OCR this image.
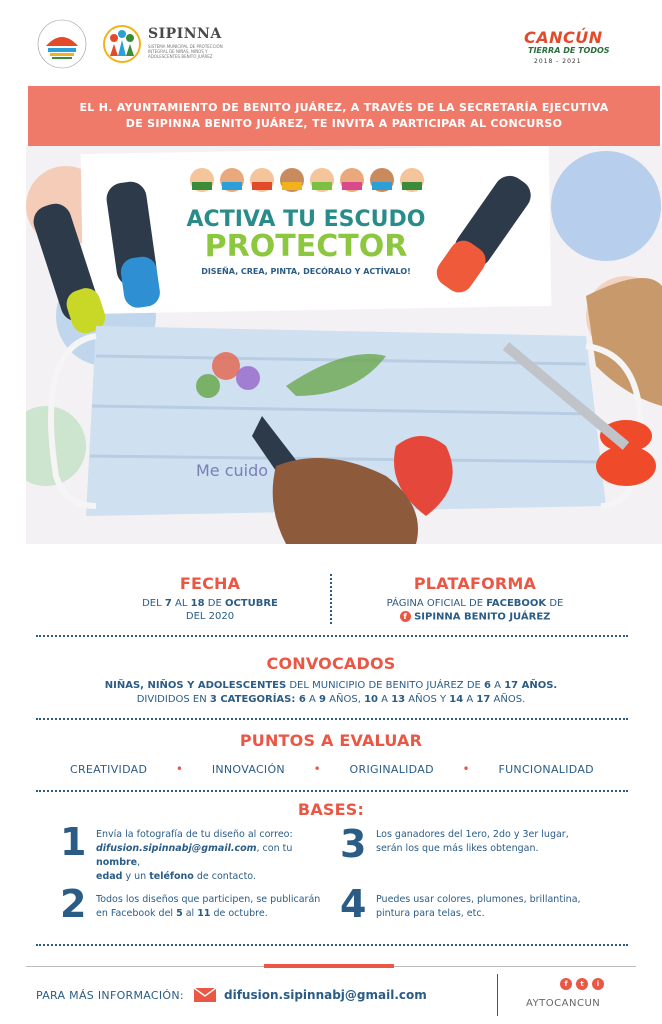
SIPINNA
SISTEMA MUNICIPAL DE PROTECCIÓN INTEGRAL DE NIÑAS, NIÑOS Y ADOLESCENTES BENITO JUÁREZ
CANCÚN
TIERRA DE TODOS
2018 - 2021
EL H. AYUNTAMIENTO DE BENITO JUÁREZ, A TRAVÉS DE LA SECRETARÍA EJECUTIVA
DE SIPINNA BENITO JUÁREZ, TE INVITA A PARTICIPAR AL CONCURSO
ACTIVA TU ESCUDO
PROTECTOR
DISEÑA, CREA, PINTA, DECÓRALO Y ACTÍVALO!
Me cuido
FECHA
DEL 7 AL 18 DE OCTUBRE
DEL 2020
PLATAFORMA
PÁGINA OFICIAL DE FACEBOOK DE
f SIPINNA BENITO JUÁREZ
CONVOCADOS
NIÑAS, NIÑOS Y ADOLESCENTES DEL MUNICIPIO DE BENITO JUÁREZ DE 6 A 17 AÑOS.
DIVIDIDOS EN 3 CATEGORÍAS: 6 A 9 AÑOS, 10 A 13 AÑOS Y 14 A 17 AÑOS.
PUNTOS A EVALUAR
CREATIVIDAD •	INNOVACIÓN •	ORIGINALIDAD •	FUNCIONALIDAD
BASES:
1 Envía la fotografía de tu diseño al correo:
difusion.sipinnabj@gmail.com, con tu nombre,
edad y un teléfono de contacto.
2 Todos los diseños que participen, se publicarán
en Facebook del 5 al 11 de octubre.
3 Los ganadores del 1ero, 2do y 3er lugar,
serán los que más likes obtengan.
4 Puedes usar colores, plumones, brillantina,
pintura para telas, etc.
PARA MÁS INFORMACIÓN:	difusion.sipinnabj@gmail.com
f	t	i
AYTOCANCUN
